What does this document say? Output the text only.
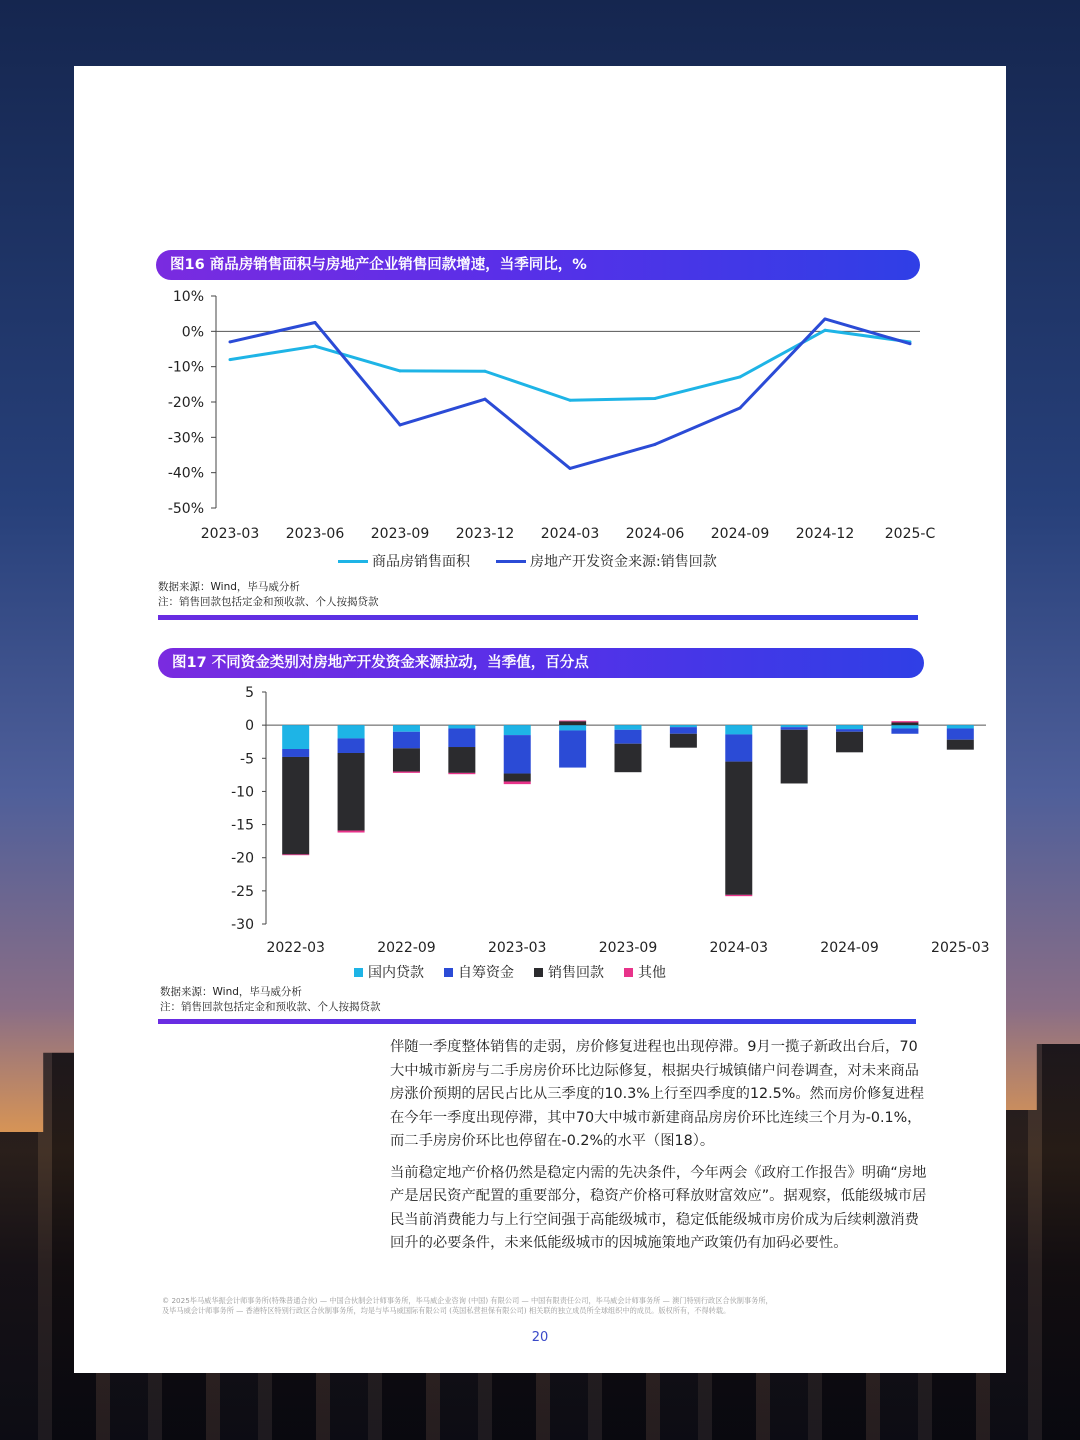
图16 商品房销售面积与房地产企业销售回款增速，当季同比，%
10%
0%
-10%
-20%
-30%
-40%
-50%
2023-03 2023-06 2023-09 2023-12 2024-03 2024-06 2024-09 2024-12 2025-C
商品房销售面积	房地产开发资金来源:销售回款
数据来源：Wind，毕马威分析
注：销售回款包括定金和预收款、个人按揭贷款
图17 不同资金类别对房地产开发资金来源拉动，当季值，百分点
5
0
-5
-10
-15
-20
-25
-30
2022-03	2022-09	2023-03	2023-09	2024-03	2024-09	2025-03
国内贷款 自筹资金 销售回款 其他
数据来源：Wind，毕马威分析
注：销售回款包括定金和预收款、个人按揭贷款

伴随一季度整体销售的走弱，房价修复进程也出现停滞。9月一揽子新政出台后，70大中城市新房与二手房房价环比边际修复，根据央行城镇储户问卷调查，对未来商品房涨价预期的居民占比从三季度的10.3%上行至四季度的12.5%。然而房价修复进程在今年一季度出现停滞，其中70大中城市新建商品房房价环比连续三个月为-0.1%，而二手房房价环比也停留在-0.2%的水平（图18）。

当前稳定地产价格仍然是稳定内需的先决条件，今年两会《政府工作报告》明确“房地产是居民资产配置的重要部分，稳资产价格可释放财富效应”。据观察，低能级城市居民当前消费能力与上行空间强于高能级城市，稳定低能级城市房价成为后续刺激消费回升的必要条件，未来低能级城市的因城施策地产政策仍有加码必要性。

© 2025毕马威华振会计师事务所(特殊普通合伙) — 中国合伙制会计师事务所，毕马威企业咨询 (中国) 有限公司 — 中国有限责任公司，毕马威会计师事务所 — 澳门特别行政区合伙制事务所，
及毕马威会计师事务所 — 香港特区特别行政区合伙制事务所，均是与毕马威国际有限公司 (英国私营担保有限公司) 相关联的独立成员所全球组织中的成员。版权所有，不得转载。
20
